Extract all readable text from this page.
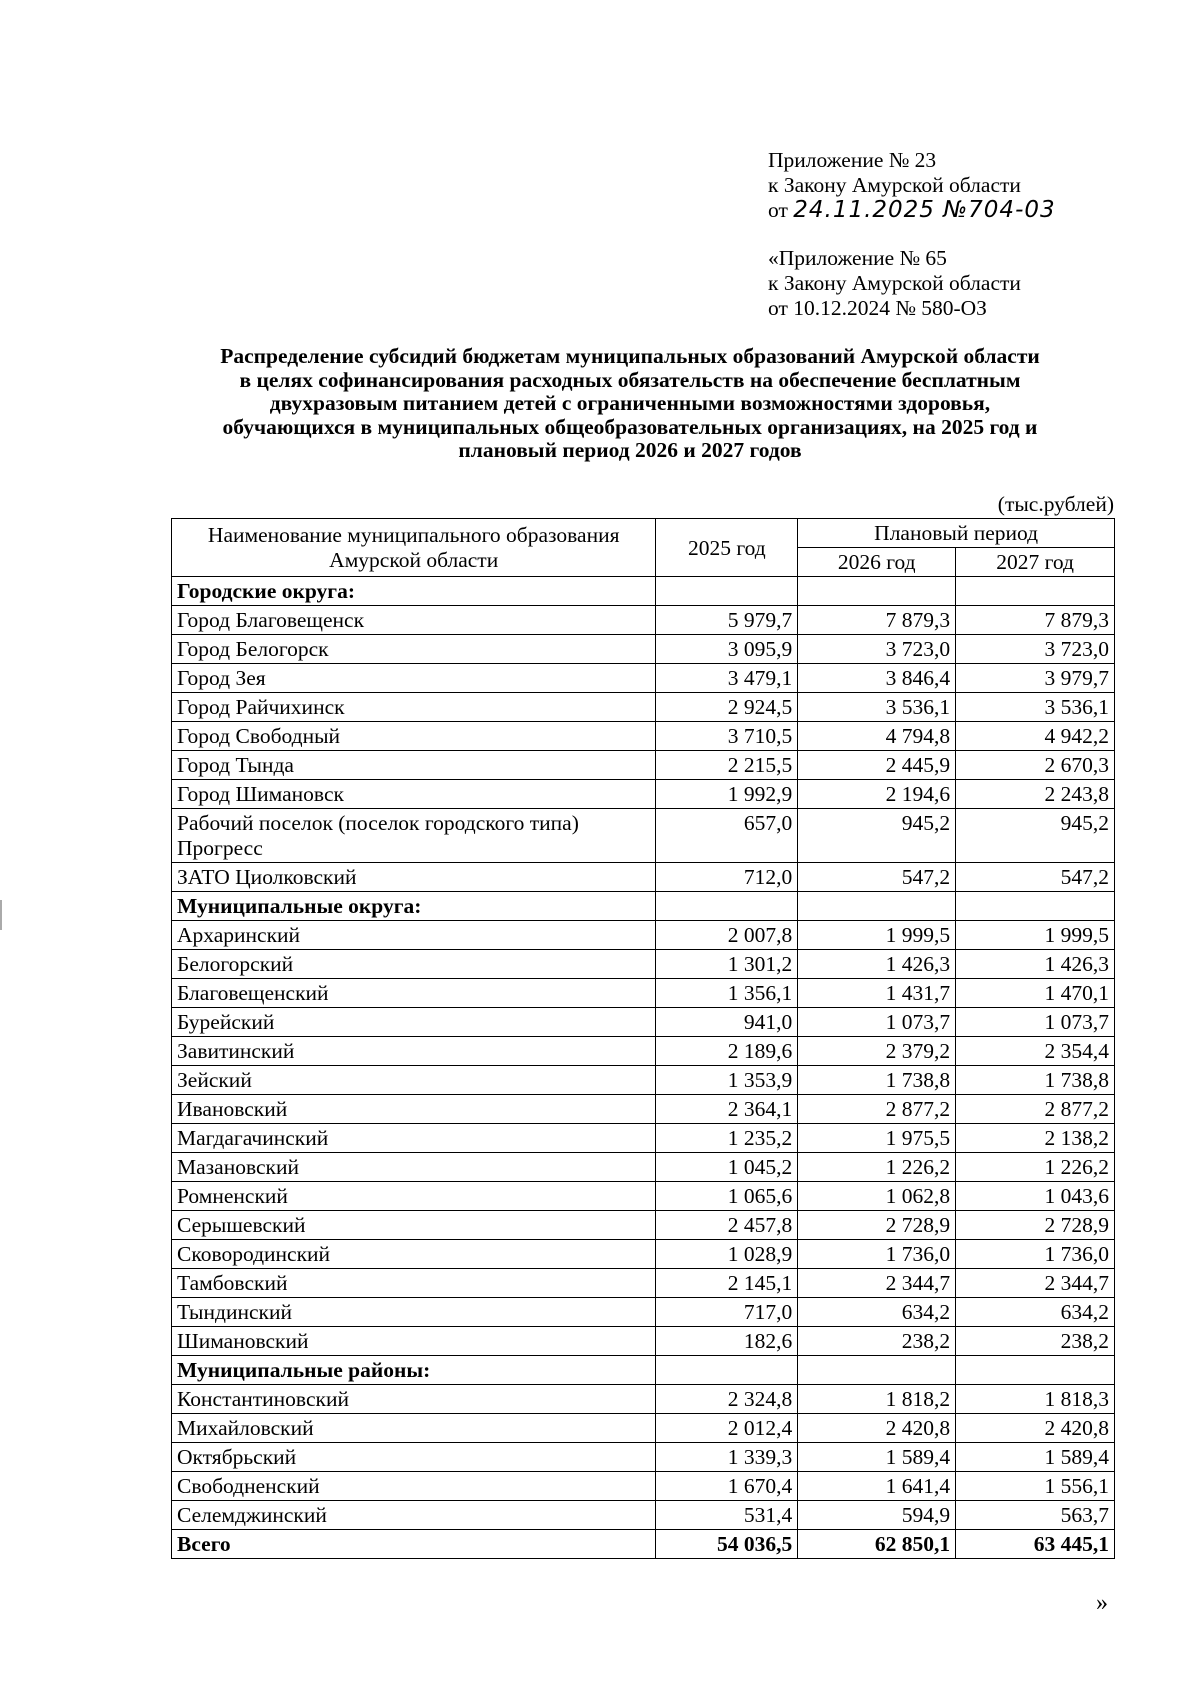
Приложение № 23
к Закону Амурской области
от 24.11.2025 №704-03
«Приложение № 65
к Закону Амурской области
от 10.12.2024 № 580-ОЗ
Распределение субсидий бюджетам муниципальных образований Амурской области
в целях софинансирования расходных обязательств на обеспечение бесплатным
двухразовым питанием детей с ограниченными возможностями здоровья,
обучающихся в муниципальных общеобразовательных организациях, на 2025 год и
плановый период 2026 и 2027 годов
(тыс.рублей)
Наименование муниципального образования Амурской области	2025 год	Плановый период	
		2026 год	2027 год
Городские округа:			
Город Благовещенск	5 979,7	7 879,3	7 879,3
Город Белогорск	3 095,9	3 723,0	3 723,0
Город Зея	3 479,1	3 846,4	3 979,7
Город Райчихинск	2 924,5	3 536,1	3 536,1
Город Свободный	3 710,5	4 794,8	4 942,2
Город Тында	2 215,5	2 445,9	2 670,3
Город Шимановск	1 992,9	2 194,6	2 243,8
Рабочий поселок (поселок городского типа) Прогресс	657,0	945,2	945,2
ЗАТО Циолковский	712,0	547,2	547,2
Муниципальные округа:			
Архаринский	2 007,8	1 999,5	1 999,5
Белогорский	1 301,2	1 426,3	1 426,3
Благовещенский	1 356,1	1 431,7	1 470,1
Бурейский	941,0	1 073,7	1 073,7
Завитинский	2 189,6	2 379,2	2 354,4
Зейский	1 353,9	1 738,8	1 738,8
Ивановский	2 364,1	2 877,2	2 877,2
Магдагачинский	1 235,2	1 975,5	2 138,2
Мазановский	1 045,2	1 226,2	1 226,2
Ромненский	1 065,6	1 062,8	1 043,6
Серышевский	2 457,8	2 728,9	2 728,9
Сковородинский	1 028,9	1 736,0	1 736,0
Тамбовский	2 145,1	2 344,7	2 344,7
Тындинский	717,0	634,2	634,2
Шимановский	182,6	238,2	238,2
Муниципальные районы:			
Константиновский	2 324,8	1 818,2	1 818,3
Михайловский	2 012,4	2 420,8	2 420,8
Октябрьский	1 339,3	1 589,4	1 589,4
Свободненский	1 670,4	1 641,4	1 556,1
Селемджинский	531,4	594,9	563,7
Всего	54 036,5	62 850,1	63 445,1
»
